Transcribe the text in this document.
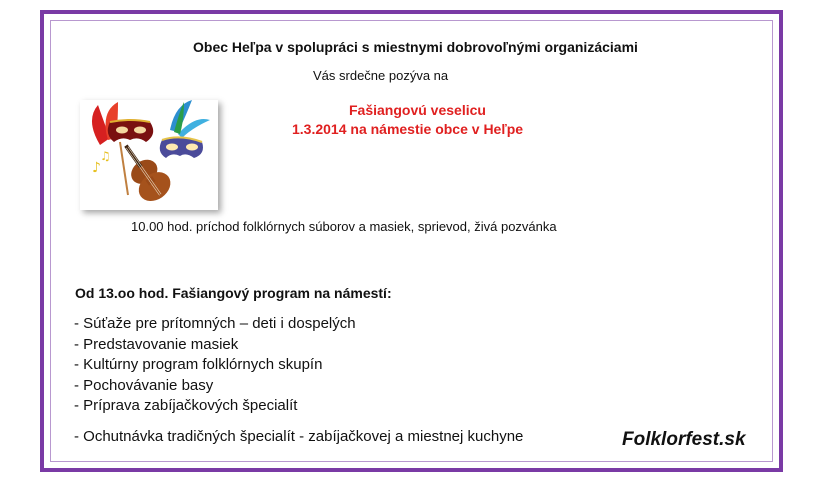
Obec Heľpa v spolupráci s miestnymi dobrovoľnými organizáciami
Vás srdečne pozýva na
Fašiangovú veselicu
1.3.2014 na námestie obce v Heľpe
♪
♫
10.00 hod. príchod folklórnych súborov a masiek, sprievod, živá pozvánka
Od 13.oo hod. Fašiangový program na námestí:
- Súťaže pre prítomných – deti i dospelých
- Predstavovanie masiek
- Kultúrny program folklórnych skupín
- Pochovávanie basy
- Príprava zabíjačkových špecialít
- Ochutnávka tradičných špecialít - zabíjačkovej a miestnej kuchyne	Folklorfest.sk
